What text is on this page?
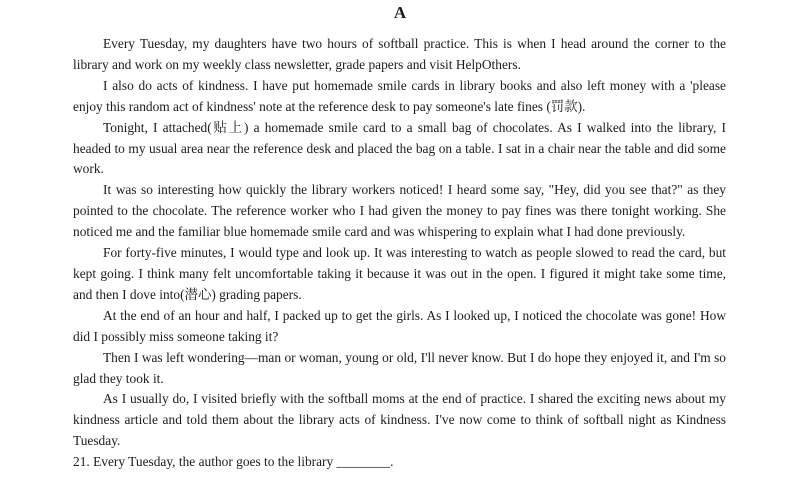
A

Every Tuesday, my daughters have two hours of softball practice. This is when I head around the corner to the library and work on my weekly class newsletter, grade papers and visit HelpOthers.

I also do acts of kindness. I have put homemade smile cards in library books and also left money with a 'please enjoy this random act of kindness' note at the reference desk to pay someone's late fines (罚款).

Tonight, I attached(贴上) a homemade smile card to a small bag of chocolates. As I walked into the library, I headed to my usual area near the reference desk and placed the bag on a table. I sat in a chair near the table and did some work.

It was so interesting how quickly the library workers noticed! I heard some say, "Hey, did you see that?" as they pointed to the chocolate. The reference worker who I had given the money to pay fines was there tonight working. She noticed me and the familiar blue homemade smile card and was whispering to explain what I had done previously.

For forty-five minutes, I would type and look up. It was interesting to watch as people slowed to read the card, but kept going. I think many felt uncomfortable taking it because it was out in the open. I figured it might take some time, and then I dove into(潜心) grading papers.

At the end of an hour and half, I packed up to get the girls. As I looked up, I noticed the chocolate was gone! How did I possibly miss someone taking it?

Then I was left wondering—man or woman, young or old, I'll never know. But I do hope they enjoyed it, and I'm so glad they took it.

As I usually do, I visited briefly with the softball moms at the end of practice. I shared the exciting news about my kindness article and told them about the library acts of kindness. I've now come to think of softball night as Kindness Tuesday.

21. Every Tuesday, the author goes to the library ________.
